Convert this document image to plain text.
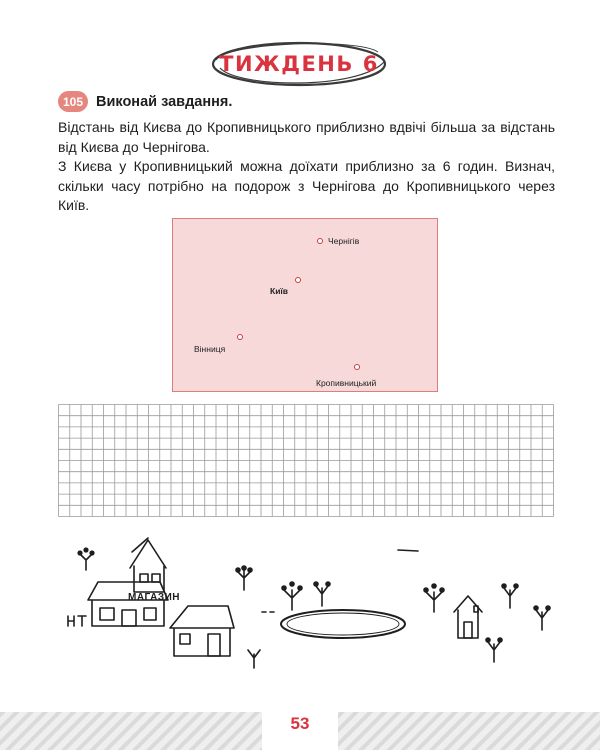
ТИЖДЕНЬ 6
105 Виконай завдання.

Відстань від Києва до Кропивницького приблизно вдвічі більша за відстань від Києва до Чернігова.

З Києва у Кропивницький можна доїхати приблизно за 6 годин. Визнач, скільки часу потрібно на подорож з Чернігова до Кропивницького через Київ.

Чернігів
Київ
Вінниця
Кропивницький
МАГАЗИН
53
